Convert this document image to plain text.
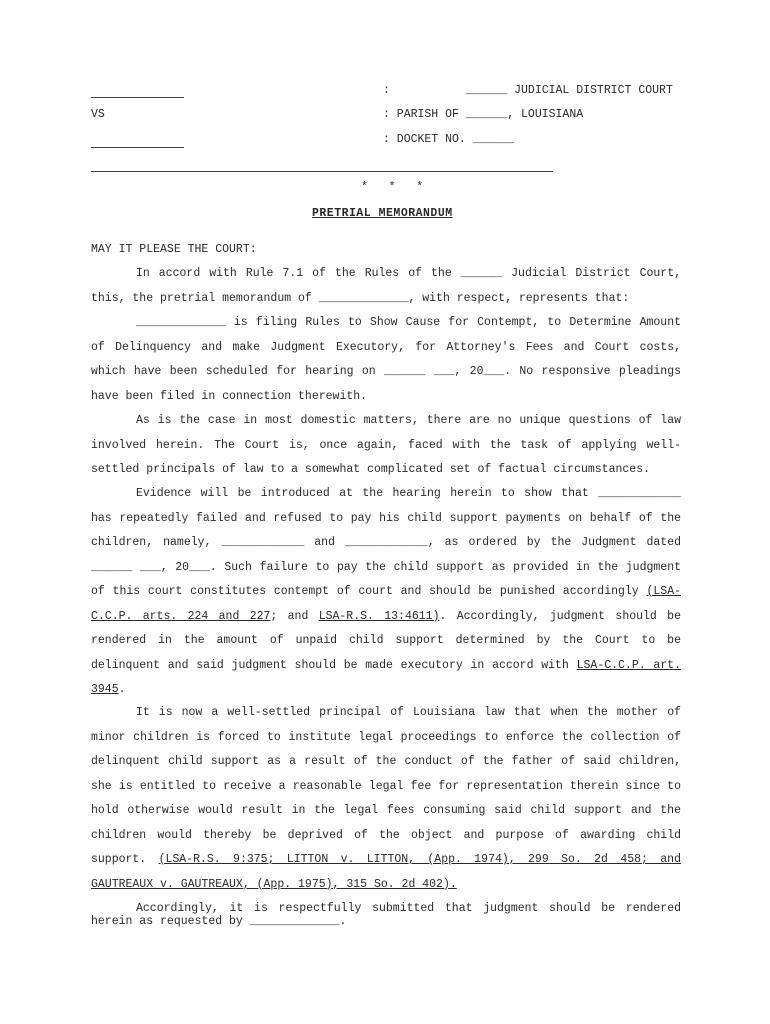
VS
:           ______ JUDICIAL DISTRICT COURT
: PARISH OF ______, LOUISIANA
: DOCKET NO. ______
*   *   *
PRETRIAL MEMORANDUM
MAY IT PLEASE THE COURT:
In accord with Rule 7.1 of the Rules of the ______ Judicial District Court, this, the pretrial memorandum of _____________, with respect, represents that:
_____________ is filing Rules to Show Cause for Contempt, to Determine Amount of Delinquency and make Judgment Executory, for Attorney's Fees and Court costs, which have been scheduled for hearing on ______ ___, 20___. No responsive pleadings have been filed in connection therewith.
As is the case in most domestic matters, there are no unique questions of law involved herein. The Court is, once again, faced with the task of applying well-settled principals of law to a somewhat complicated set of factual circumstances.
Evidence will be introduced at the hearing herein to show that ____________ has repeatedly failed and refused to pay his child support payments on behalf of the children, namely, ____________ and ____________, as ordered by the Judgment dated ______ ___, 20___. Such failure to pay the child support as provided in the judgment of this court constitutes contempt of court and should be punished accordingly (LSA-C.C.P. arts. 224 and 227; and LSA-R.S. 13:4611). Accordingly, judgment should be rendered in the amount of unpaid child support determined by the Court to be delinquent and said judgment should be made executory in accord with LSA-C.C.P. art. 3945.
It is now a well-settled principal of Louisiana law that when the mother of minor children is forced to institute legal proceedings to enforce the collection of delinquent child support as a result of the conduct of the father of said children, she is entitled to receive a reasonable legal fee for representation therein since to hold otherwise would result in the legal fees consuming said child support and the children would thereby be deprived of the object and purpose of awarding child support. (LSA-R.S. 9:375; LITTON v. LITTON, (App. 1974), 299 So. 2d 458; and GAUTREAUX v. GAUTREAUX, (App. 1975), 315 So. 2d 402).
Accordingly, it is respectfully submitted that judgment should be rendered herein as requested by _____________.
